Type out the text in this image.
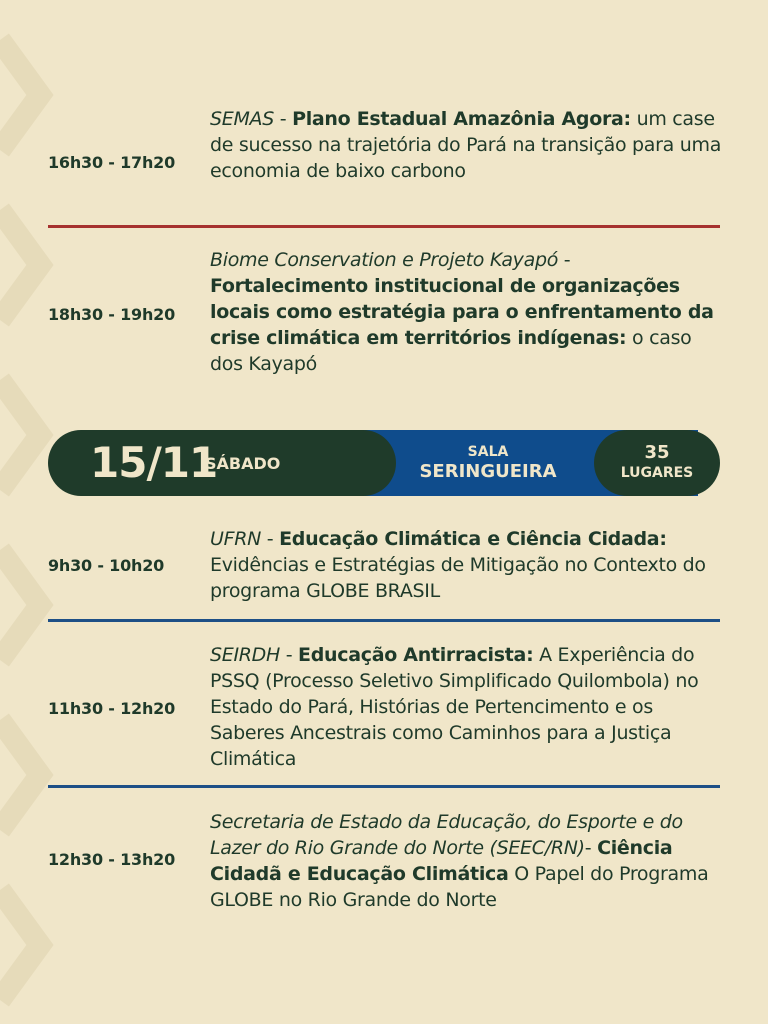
16h30 - 17h20
SEMAS - Plano Estadual Amazônia Agora: um case de sucesso na trajetória do Pará na transição para uma economia de baixo carbono
18h30 - 19h20
Biome Conservation e Projeto Kayapó - Fortalecimento institucional de organizações locais como estratégia para o enfrentamento da crise climática em territórios indígenas: o caso dos Kayapó
15/11
SÁBADO
SALA
SERINGUEIRA
35
LUGARES
9h30 - 10h20
UFRN - Educação Climática e Ciência Cidada: Evidências e Estratégias de Mitigação no Contexto do programa GLOBE BRASIL
11h30 - 12h20
SEIRDH - Educação Antirracista: A Experiência do PSSQ (Processo Seletivo Simplificado Quilombola) no Estado do Pará, Histórias de Pertencimento e os Saberes Ancestrais como Caminhos para a Justiça Climática
12h30 - 13h20
Secretaria de Estado da Educação, do Esporte e do Lazer do Rio Grande do Norte (SEEC/RN)- Ciência Cidadã e Educação Climática O Papel do Programa GLOBE no Rio Grande do Norte
